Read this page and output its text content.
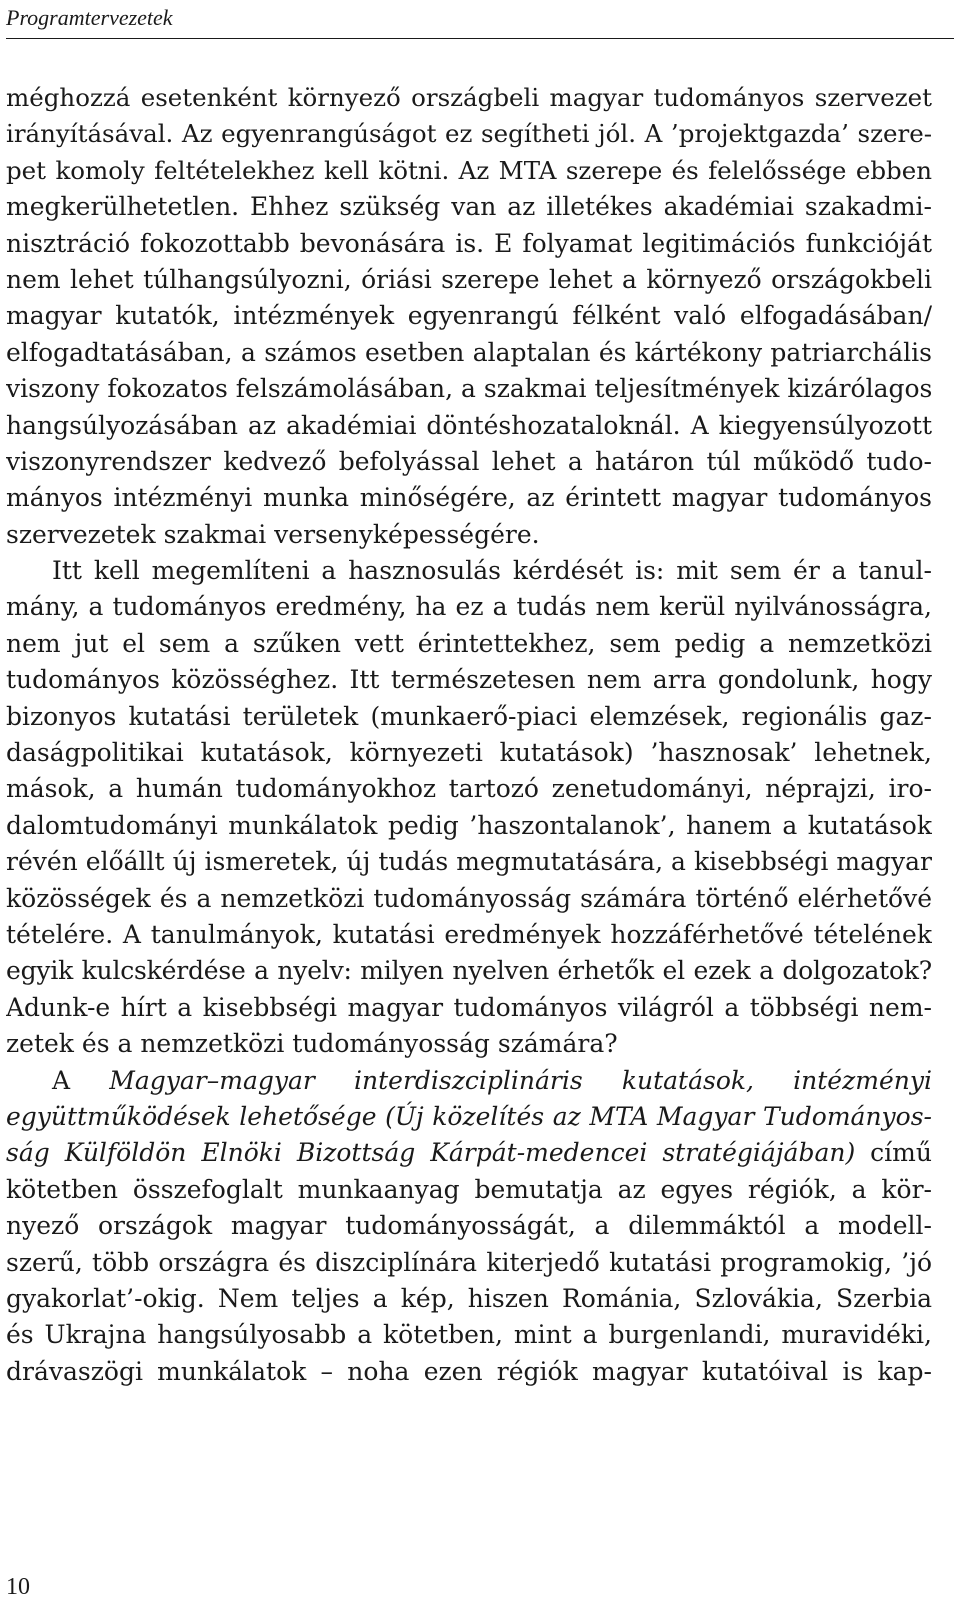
Programtervezetek
méghozzá esetenként környező országbeli magyar tudományos szervezet
irányításával. Az egyenrangúságot ez segítheti jól. A ’projektgazda’ szere-
pet komoly feltételekhez kell kötni. Az MTA szerepe és felelőssége ebben
megkerülhetetlen. Ehhez szükség van az illetékes akadémiai szakadmi-
nisztráció fokozottabb bevonására is. E folyamat legitimációs funkcióját
nem lehet túlhangsúlyozni, óriási szerepe lehet a környező országokbeli
magyar kutatók, intézmények egyenrangú félként való elfogadásában/
elfogadtatásában, a számos esetben alaptalan és kártékony patriarchális
viszony fokozatos felszámolásában, a szakmai teljesítmények kizárólagos
hangsúlyozásában az akadémiai döntéshozataloknál. A kiegyensúlyozott
viszonyrendszer kedvező befolyással lehet a határon túl működő tudo-
mányos intézményi munka minőségére, az érintett magyar tudományos
szervezetek szakmai versenyképességére.
Itt kell megemlíteni a hasznosulás kérdését is: mit sem ér a tanul-
mány, a tudományos eredmény, ha ez a tudás nem kerül nyilvánosságra,
nem jut el sem a szűken vett érintettekhez, sem pedig a nemzetközi
tudományos közösséghez. Itt természetesen nem arra gondolunk, hogy
bizonyos kutatási területek (munkaerő-piaci elemzések, regionális gaz-
daságpolitikai kutatások, környezeti kutatások) ’hasznosak’ lehetnek,
mások, a humán tudományokhoz tartozó zenetudományi, néprajzi, iro-
dalomtudományi munkálatok pedig ’haszontalanok’, hanem a kutatások
révén előállt új ismeretek, új tudás megmutatására, a kisebbségi magyar
közösségek és a nemzetközi tudományosság számára történő elérhetővé
tételére. A tanulmányok, kutatási eredmények hozzáférhetővé tételének
egyik kulcskérdése a nyelv: milyen nyelven érhetők el ezek a dolgozatok?
Adunk-e hírt a kisebbségi magyar tudományos világról a többségi nem-
zetek és a nemzetközi tudományosság számára?
A Magyar–magyar interdiszciplináris kutatások, intézményi
együttműködések lehetősége (Új közelítés az MTA Magyar Tudományos-
ság Külföldön Elnöki Bizottság Kárpát-medencei stratégiájában) című
kötetben összefoglalt munkaanyag bemutatja az egyes régiók, a kör-
nyező országok magyar tudományosságát, a dilemmáktól a modell-
szerű, több országra és diszciplínára kiterjedő kutatási programokig, ’jó
gyakorlat’-okig. Nem teljes a kép, hiszen Románia, Szlovákia, Szerbia
és Ukrajna hangsúlyosabb a kötetben, mint a burgenlandi, muravidéki,
drávaszögi munkálatok – noha ezen régiók magyar kutatóival is kap-
10
